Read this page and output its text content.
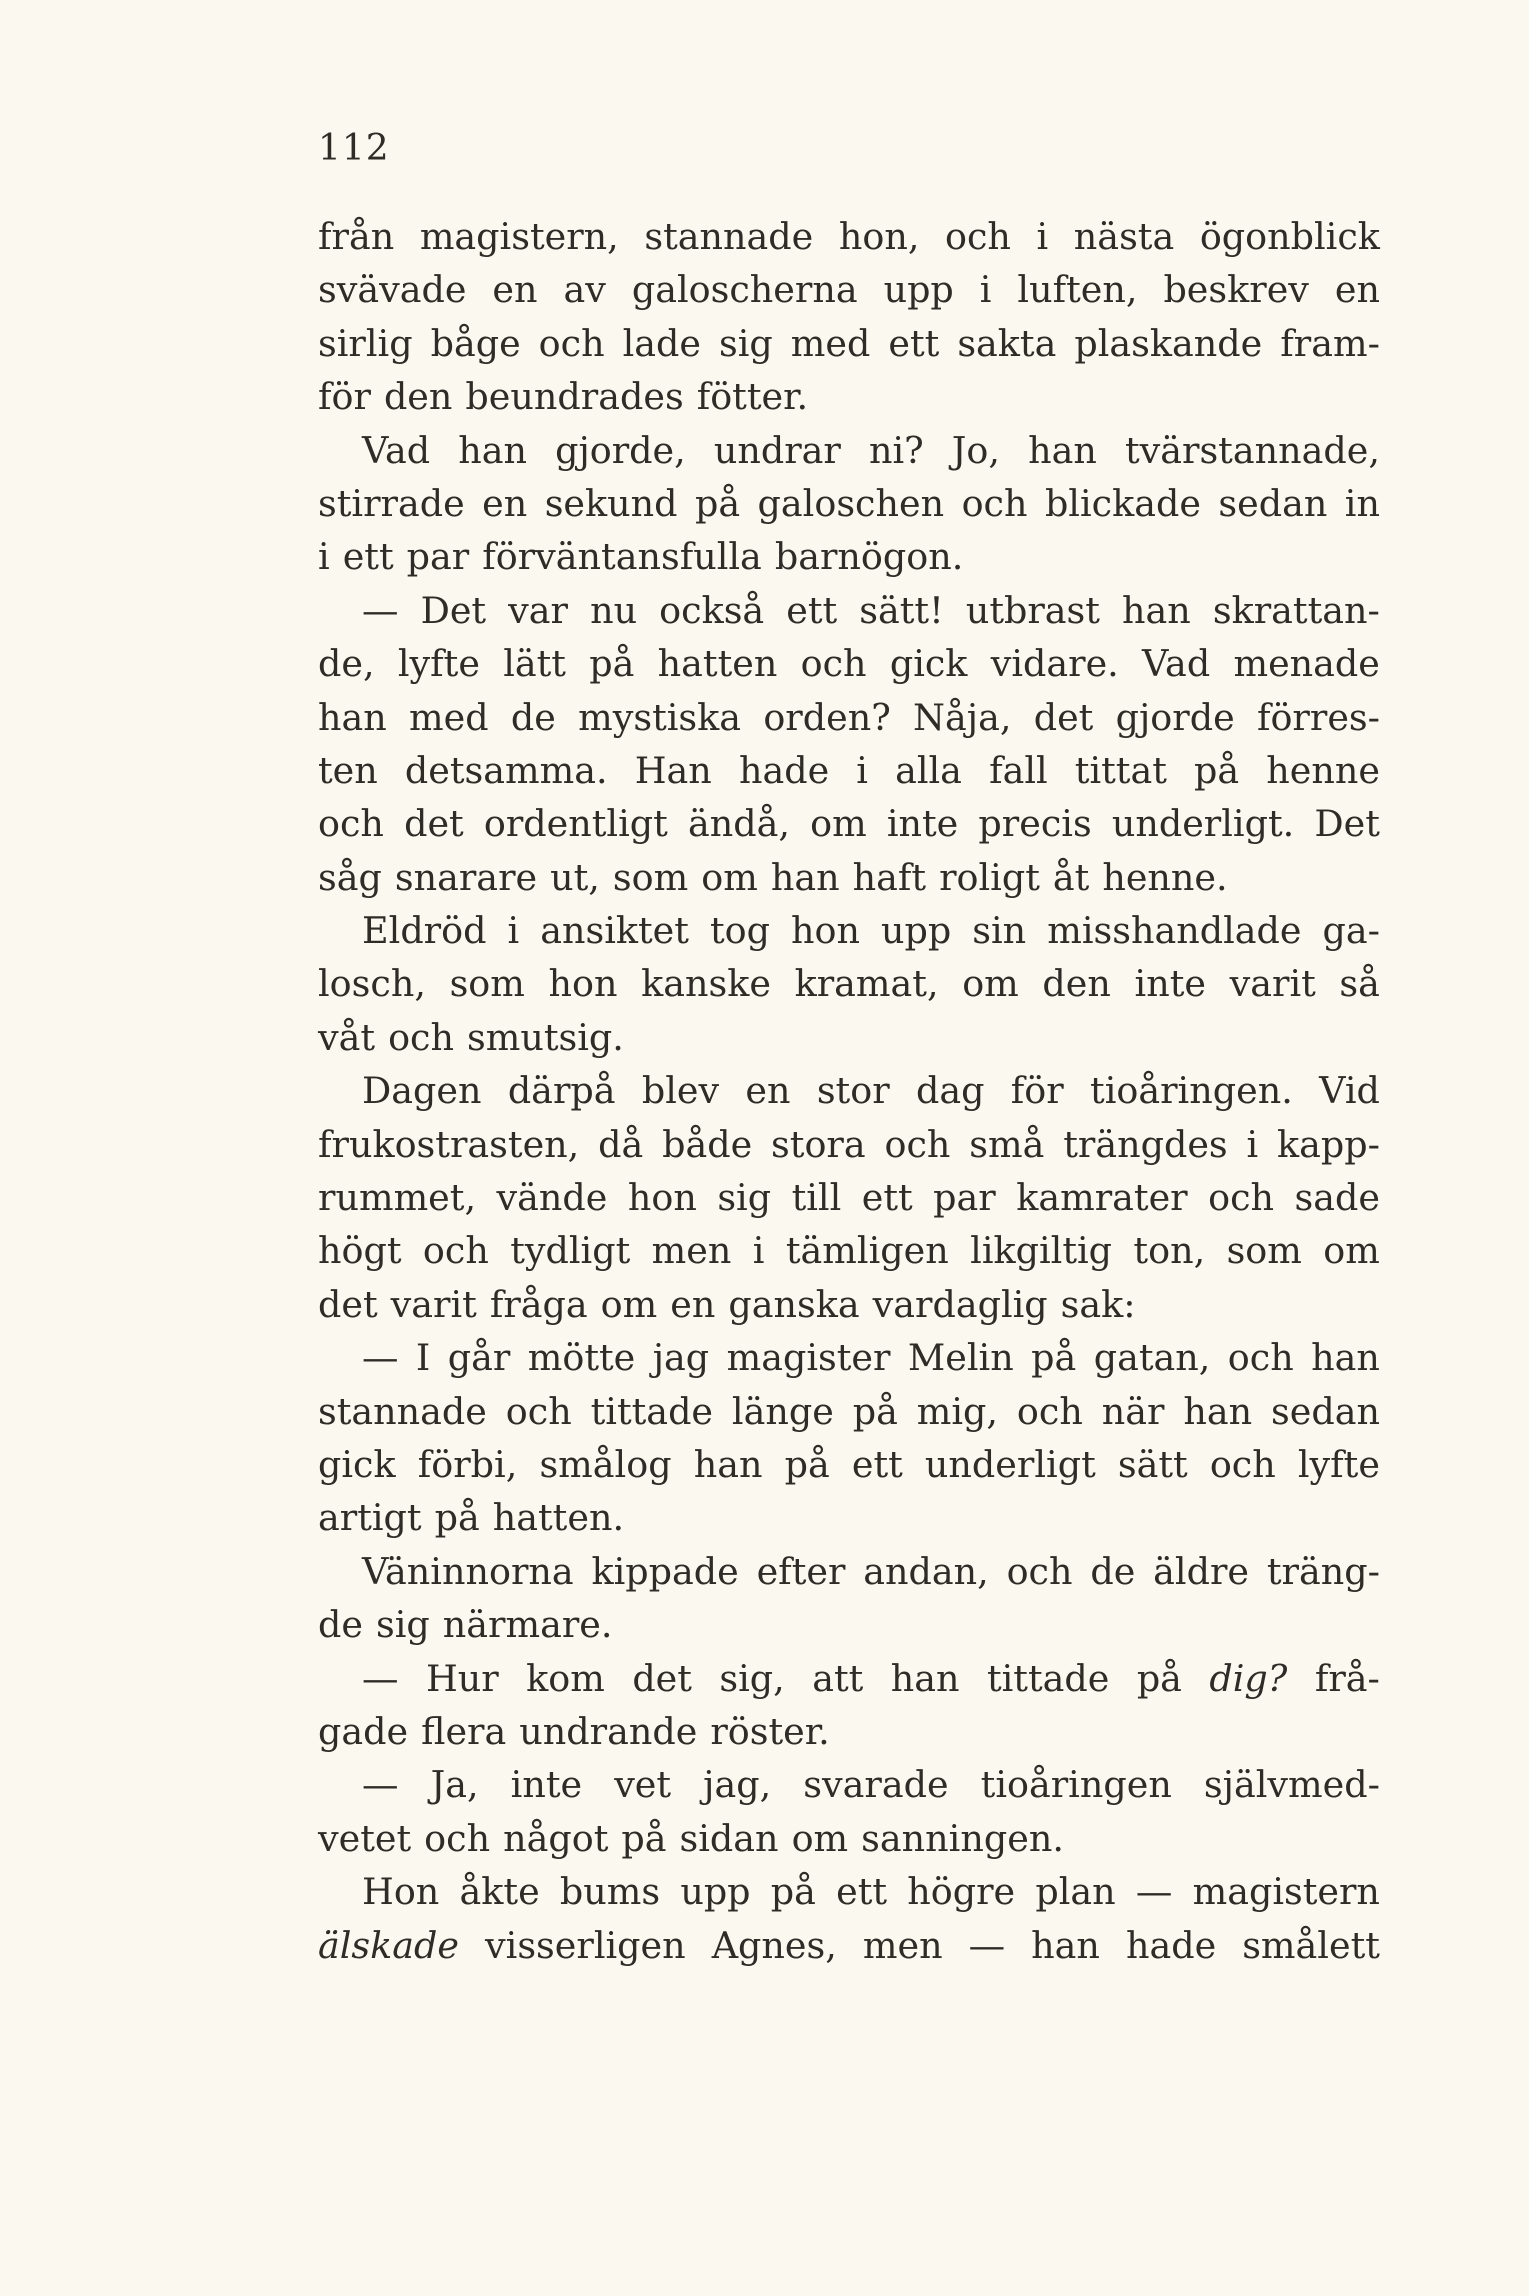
112
från magistern, stannade hon, och i nästa ögonblick
svävade en av galoscherna upp i luften, beskrev en
sirlig båge och lade sig med ett sakta plaskande fram-
för den beundrades fötter.
Vad han gjorde, undrar ni? Jo, han tvärstannade,
stirrade en sekund på galoschen och blickade sedan in
i ett par förväntansfulla barnögon.
— Det var nu också ett sätt! utbrast han skrattan-
de, lyfte lätt på hatten och gick vidare. Vad menade
han med de mystiska orden? Nåja, det gjorde förres-
ten detsamma. Han hade i alla fall tittat på henne
och det ordentligt ändå, om inte precis underligt. Det
såg snarare ut, som om han haft roligt åt henne.
Eldröd i ansiktet tog hon upp sin misshandlade ga-
losch, som hon kanske kramat, om den inte varit så
våt och smutsig.
Dagen därpå blev en stor dag för tioåringen. Vid
frukostrasten, då både stora och små trängdes i kapp-
rummet, vände hon sig till ett par kamrater och sade
högt och tydligt men i tämligen likgiltig ton, som om
det varit fråga om en ganska vardaglig sak:
— I går mötte jag magister Melin på gatan, och han
stannade och tittade länge på mig, och när han sedan
gick förbi, smålog han på ett underligt sätt och lyfte
artigt på hatten.
Väninnorna kippade efter andan, och de äldre träng-
de sig närmare.
— Hur kom det sig, att han tittade på dig? frå-
gade flera undrande röster.
— Ja, inte vet jag, svarade tioåringen självmed-
vetet och något på sidan om sanningen.
Hon åkte bums upp på ett högre plan — magistern
älskade visserligen Agnes, men — han hade smålett
